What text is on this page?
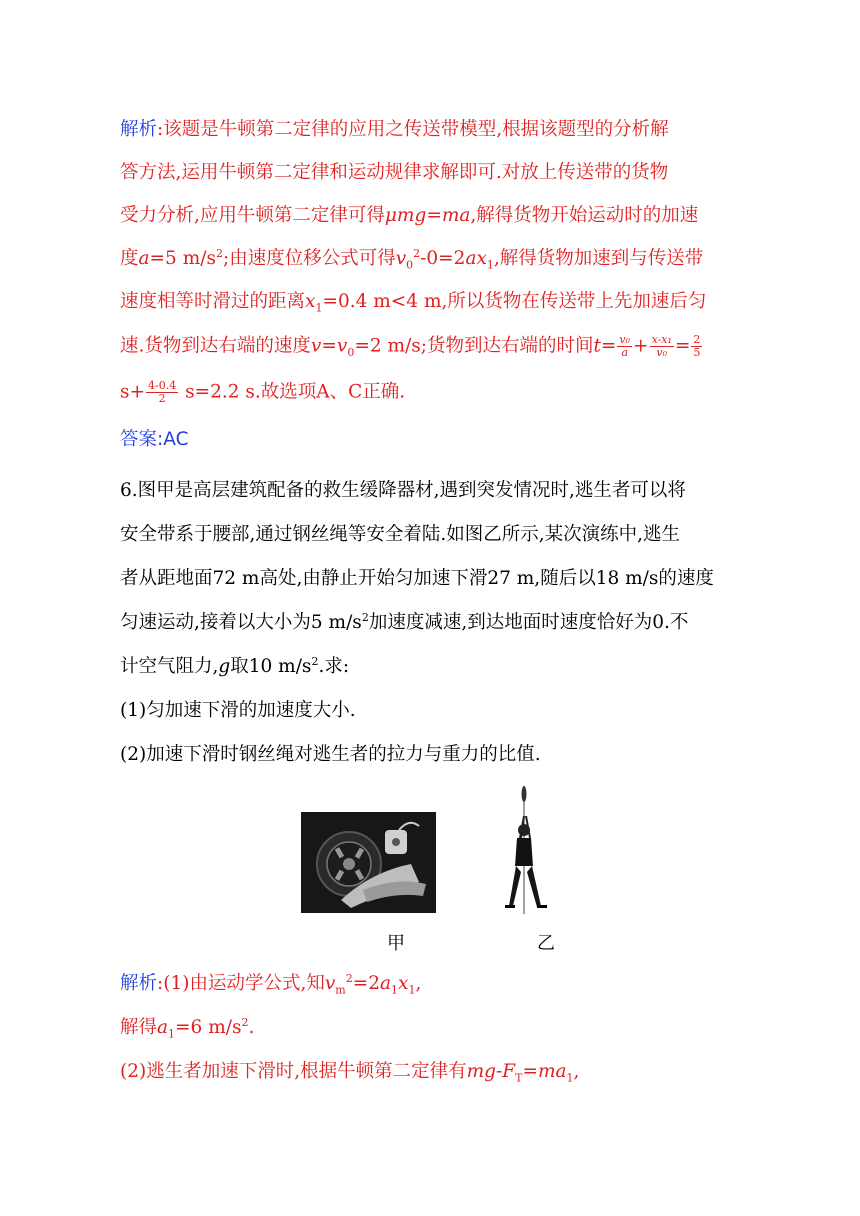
解析:该题是牛顿第二定律的应用之传送带模型,根据该题型的分析解

答方法,运用牛顿第二定律和运动规律求解即可.对放上传送带的货物

受力分析,应用牛顿第二定律可得μmg=ma,解得货物开始运动时的加速

度a=5 $m/s^2$;由速度位移公式可得$v_0^2-0=2ax_1$,解得货物加速到与传送带

速度相等时滑过的距离$x_1=0.4$ m<4 m,所以货物在传送带上先加速后匀

速.货物到达右端的速度$v=v_0=2$ m/s;货物到达右端的时间$t= \frac{\text{v₀}}{a} + \frac{\text{x-x₁}}{\text{v₀}} = \frac{2}{5}$

$s+ \frac{4-0.4}{2} s=2.2$ s.故选项A、C正确.

答案:AC

6.图甲是高层建筑配备的救生缓降器材,遇到突发情况时,逃生者可以将

安全带系于腰部,通过钢丝绳等安全着陆.如图乙所示,某次演练中,逃生

者从距地面72 m高处,由静止开始匀加速下滑27 m,随后以18 m/s的速度

匀速运动,接着以大小为5 $m/s^2$加速度减速,到达地面时速度恰好为0.不

计空气阻力,g取10 $m/s^2$.求:

(1)匀加速下滑的加速度大小.

(2)加速下滑时钢丝绳对逃生者的拉力与重力的比值.

甲	乙

解析:(1)由运动学公式,知$v_m^2=2a_1x_1$,

解得$a_1=6$ $m/s^2$.

(2)逃生者加速下滑时,根据牛顿第二定律有$mg-F_T=ma_1$,
